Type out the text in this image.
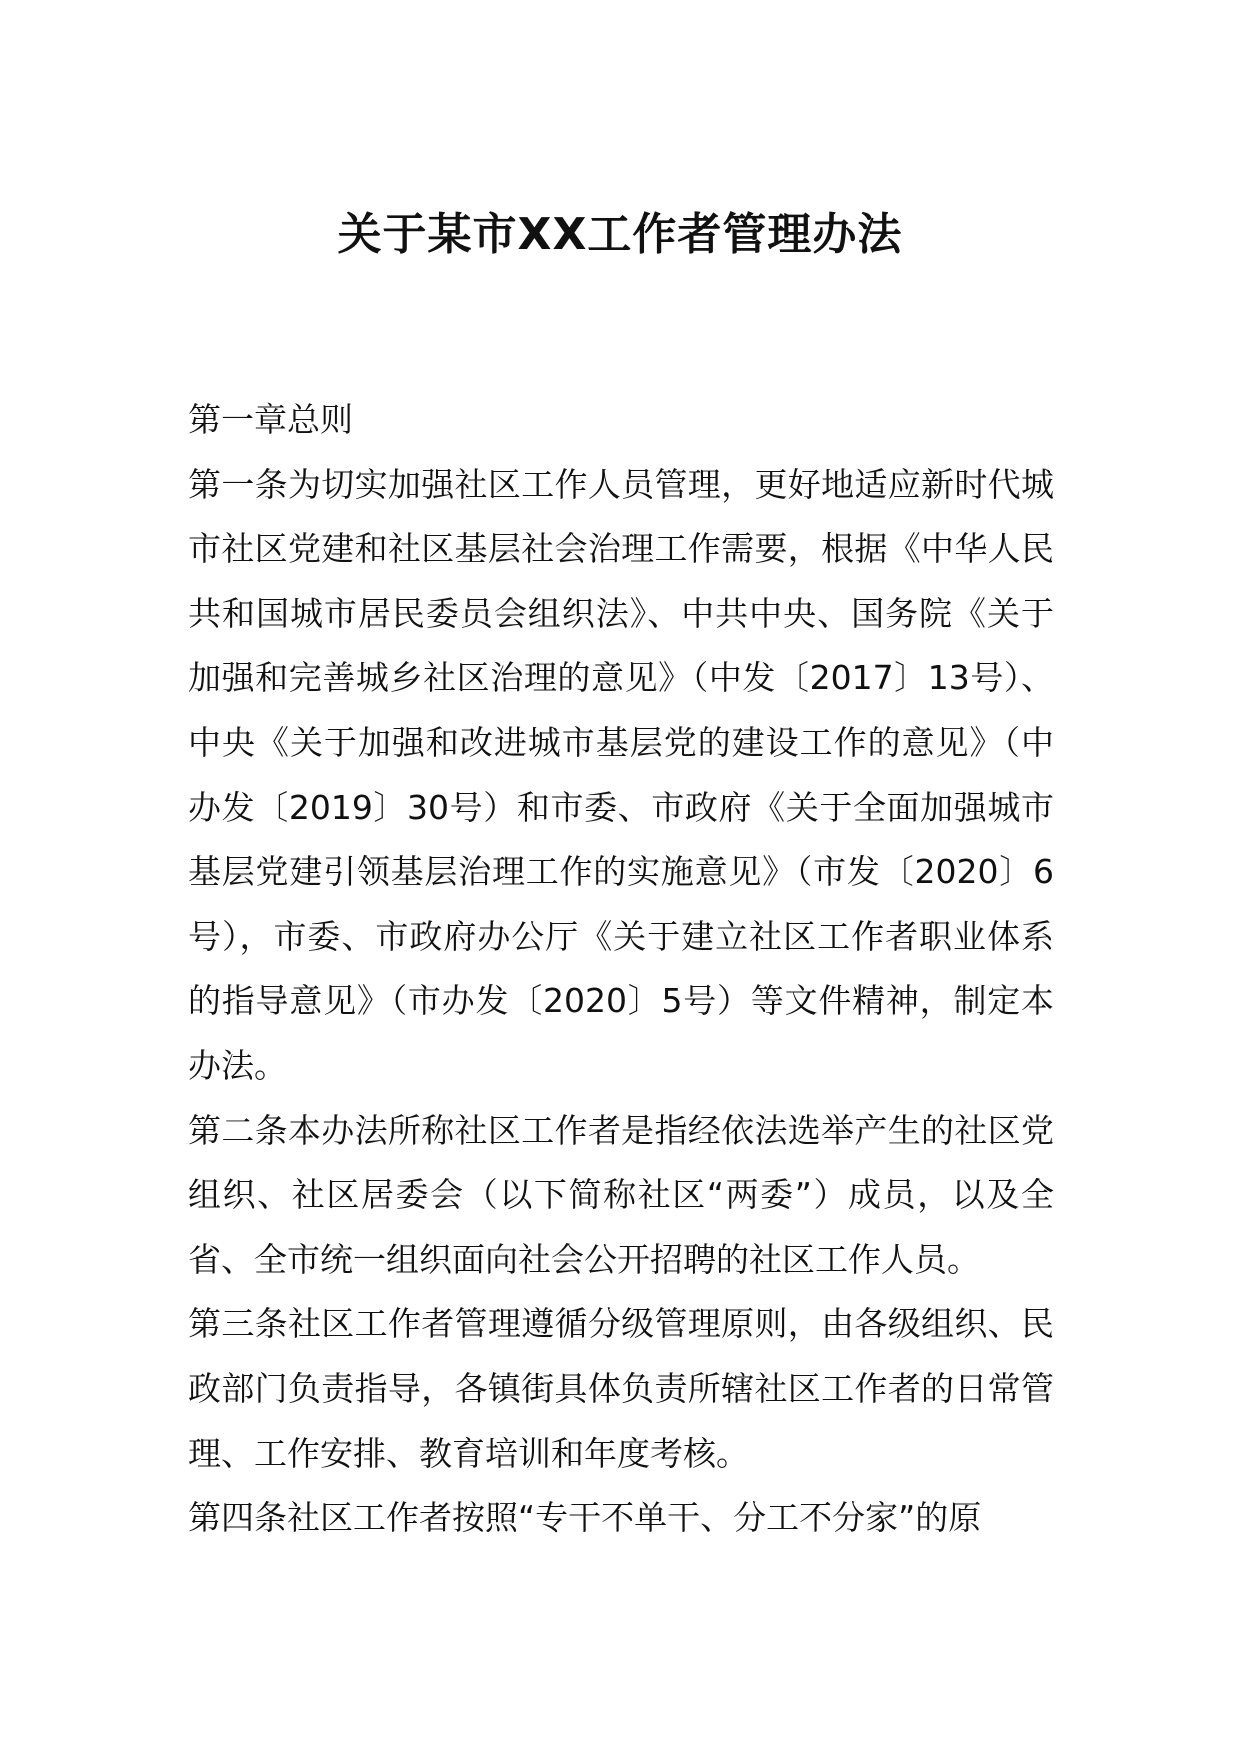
关于某市XX工作者管理办法

第一章总则

第一条为切实加强社区工作人员管理，更好地适应新时代城市社区党建和社区基层社会治理工作需要，根据《中华人民共和国城市居民委员会组织法》、中共中央、国务院《关于加强和完善城乡社区治理的意见》（中发〔2017〕13号）、中央《关于加强和改进城市基层党的建设工作的意见》（中办发〔2019〕30号）和市委、市政府《关于全面加强城市基层党建引领基层治理工作的实施意见》（市发〔2020〕6号），市委、市政府办公厅《关于建立社区工作者职业体系的指导意见》（市办发〔2020〕5号）等文件精神，制定本办法。

第二条本办法所称社区工作者是指经依法选举产生的社区党组织、社区居委会（以下简称社区“两委”）成员，以及全省、全市统一组织面向社会公开招聘的社区工作人员。

第三条社区工作者管理遵循分级管理原则，由各级组织、民政部门负责指导，各镇街具体负责所辖社区工作者的日常管理、工作安排、教育培训和年度考核。

第四条社区工作者按照“专干不单干、分工不分家”的原
